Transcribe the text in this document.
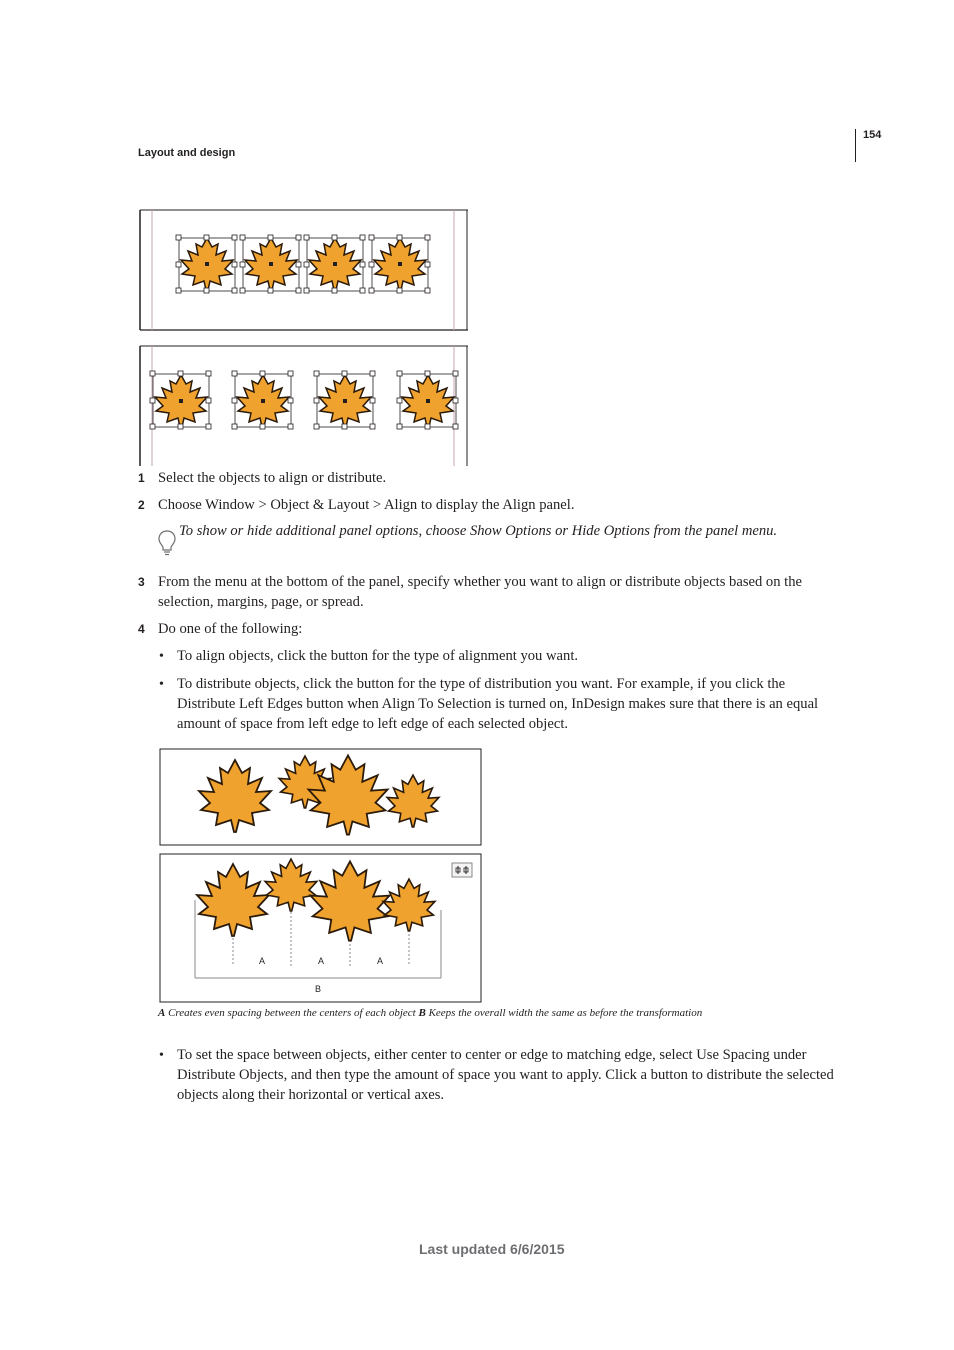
Layout and design
154
1 Select the objects to align or distribute.
2 Choose Window > Object & Layout > Align to display the Align panel.
To show or hide additional panel options, choose Show Options or Hide Options from the panel menu.
3 From the menu at the bottom of the panel, specify whether you want to align or distribute objects based on the
selection, margins, page, or spread.
4 Do one of the following:
• To align objects, click the button for the type of alignment you want.
• To distribute objects, click the button for the type of distribution you want. For example, if you click the
Distribute Left Edges button when Align To Selection is turned on, InDesign makes sure that there is an equal
amount of space from left edge to left edge of each selected object.
A	A	A
B
A Creates even spacing between the centers of each object B Keeps the overall width the same as before the transformation
• To set the space between objects, either center to center or edge to matching edge, select Use Spacing under
Distribute Objects, and then type the amount of space you want to apply. Click a button to distribute the selected
objects along their horizontal or vertical axes.
Last updated 6/6/2015
